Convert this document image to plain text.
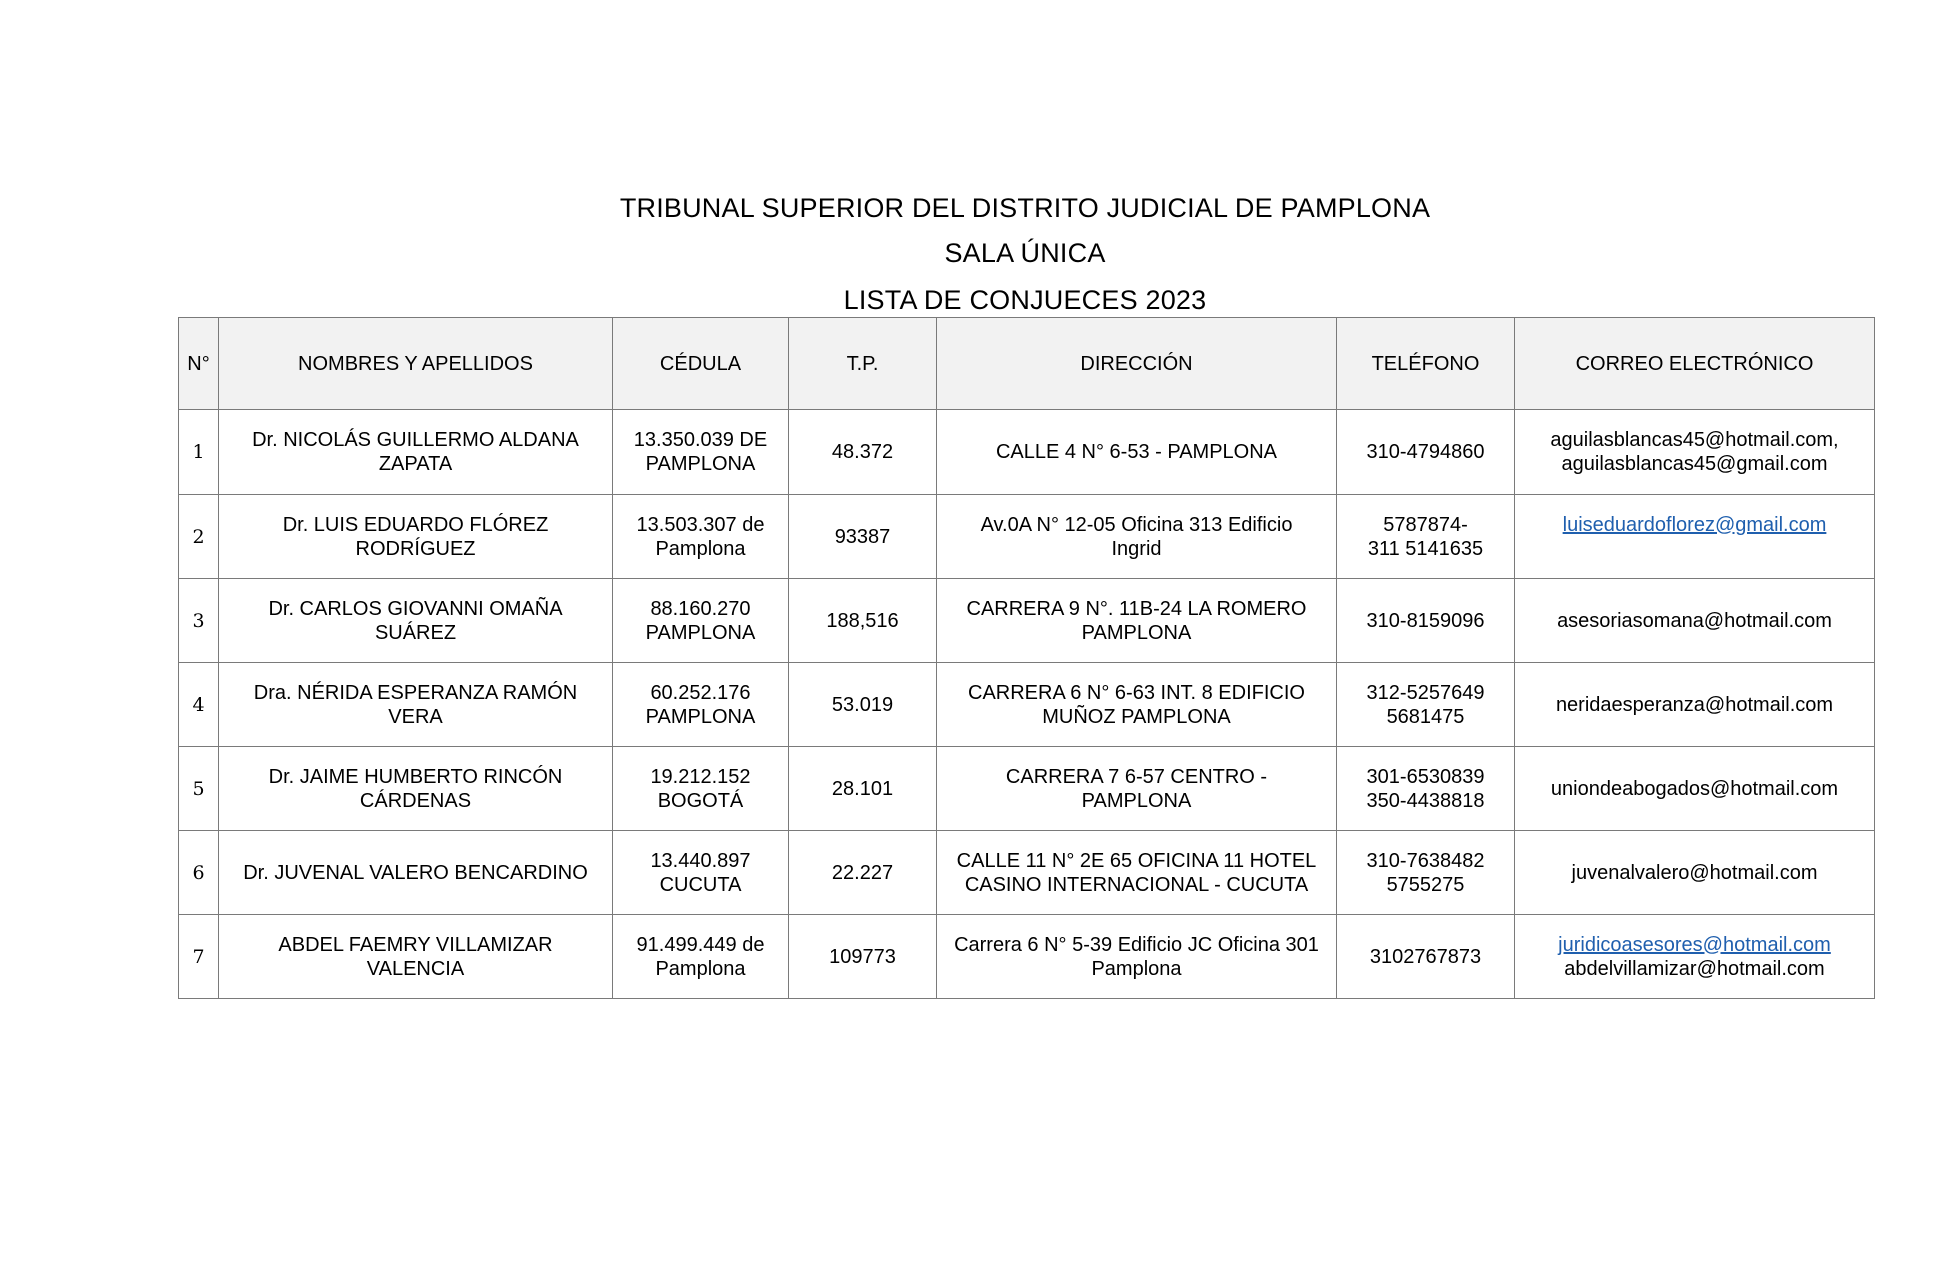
TRIBUNAL SUPERIOR DEL DISTRITO JUDICIAL DE PAMPLONA
SALA ÚNICA
LISTA DE CONJUECES 2023
N°	NOMBRES Y APELLIDOS	CÉDULA	T.P.	DIRECCIÓN	TELÉFONO	CORREO ELECTRÓNICO
1	Dr. NICOLÁS GUILLERMO ALDANA
ZAPATA	13.350.039 DE
PAMPLONA	48.372	CALLE 4 N° 6-53 - PAMPLONA	310-4794860	aguilasblancas45@hotmail.com,
aguilasblancas45@gmail.com

2	Dr. LUIS EDUARDO FLÓREZ
RODRÍGUEZ	13.503.307 de
Pamplona	93387	Av.0A N° 12-05 Oficina 313 Edificio
Ingrid	5787874-
311 5141635	luiseduardoflorez@gmail.com

3	Dr. CARLOS GIOVANNI OMAÑA
SUÁREZ	88.160.270
PAMPLONA	188,516	CARRERA 9 N°. 11B-24 LA ROMERO
PAMPLONA	310-8159096	asesoriasomana@hotmail.com

4	Dra. NÉRIDA ESPERANZA RAMÓN
VERA	60.252.176
PAMPLONA	53.019	CARRERA 6 N° 6-63 INT. 8 EDIFICIO
MUÑOZ PAMPLONA	312-5257649
5681475	neridaesperanza@hotmail.com

5	Dr. JAIME HUMBERTO RINCÓN
CÁRDENAS	19.212.152
BOGOTÁ	28.101	CARRERA 7 6-57 CENTRO -
PAMPLONA	301-6530839
350-4438818	uniondeabogados@hotmail.com

6	Dr. JUVENAL VALERO BENCARDINO	13.440.897
CUCUTA	22.227	CALLE 11 N° 2E 65 OFICINA 11 HOTEL
CASINO INTERNACIONAL - CUCUTA	310-7638482
5755275	juvenalvalero@hotmail.com

7	ABDEL FAEMRY VILLAMIZAR
VALENCIA	91.499.449 de
Pamplona	109773	Carrera 6 N° 5-39 Edificio JC Oficina 301
Pamplona	3102767873	juridicoasesores@hotmail.com
abdelvillamizar@hotmail.com
